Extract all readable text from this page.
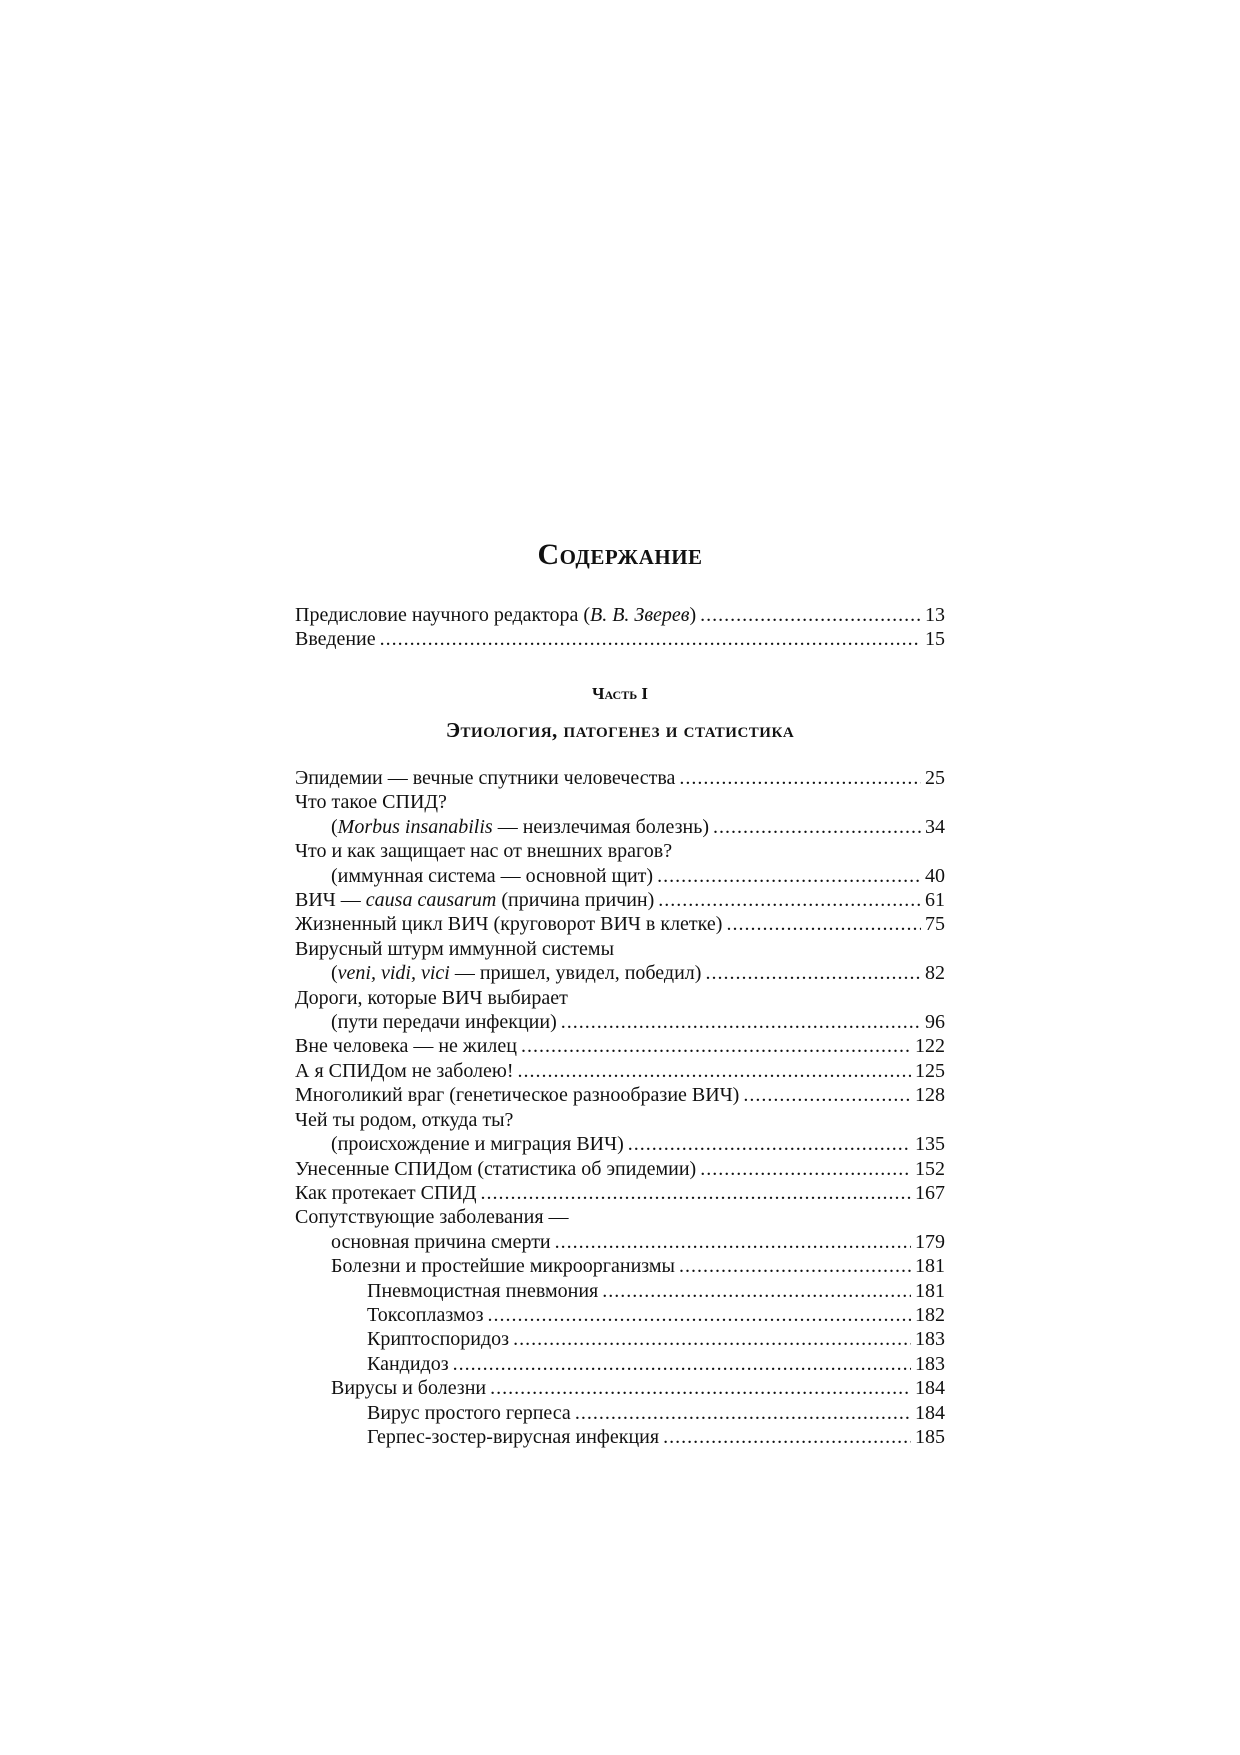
Содержание
Предисловие научного редактора (В. В. Зверев) .....	13
Введение .....	15
Часть I
Этиология, патогенез и статистика
Эпидемии — вечные спутники человечества .....	25
Что такое СПИД?
(Morbus insanabilis — неизлечимая болезнь) .....	34
Что и как защищает нас от внешних врагов?
(иммунная система — основной щит) .....	40
ВИЧ — causa causarum (причина причин) .....	61
Жизненный цикл ВИЧ (круговорот ВИЧ в клетке) .....	75
Вирусный штурм иммунной системы
(veni, vidi, vici — пришел, увидел, победил) .....	82
Дороги, которые ВИЧ выбирает
(пути передачи инфекции) .....	96
Вне человека — не жилец .....	122
А я СПИДом не заболею! .....	125
Многоликий враг (генетическое разнообразие ВИЧ) .....	128
Чей ты родом, откуда ты?
(происхождение и миграция ВИЧ) .....	135
Унесенные СПИДом (статистика об эпидемии) .....	152
Как протекает СПИД .....	167
Сопутствующие заболевания —
основная причина смерти .....	179
Болезни и простейшие микроорганизмы .....	181
Пневмоцистная пневмония .....	181
Токсоплазмоз .....	182
Криптоспоридоз .....	183
Кандидоз .....	183
Вирусы и болезни .....	184
Вирус простого герпеса .....	184
Герпес-зостер-вирусная инфекция .....	185
